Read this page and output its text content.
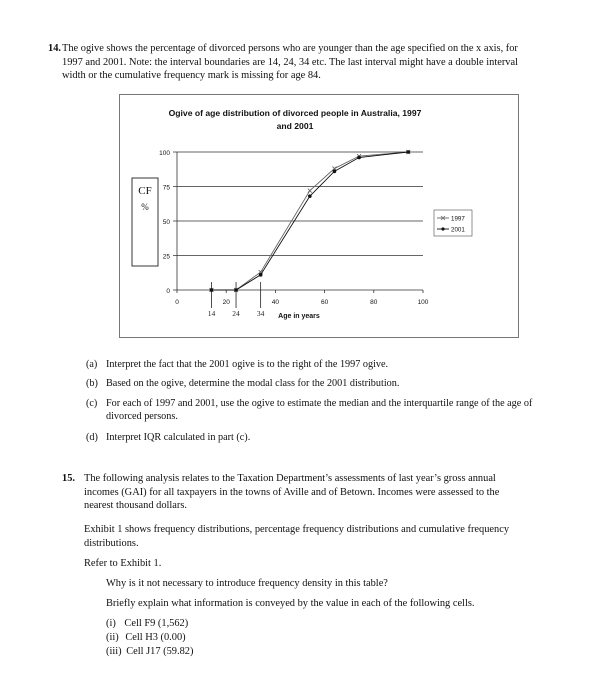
14. The ogive shows the percentage of divorced persons who are younger than the age specified on the x axis, for 1997 and 2001. Note: the interval boundaries are 14, 24, 34 etc. The last interval might have a double interval width or the cumulative frequency mark is missing for age 84.
Ogive of age distribution of divorced people in Australia, 1997
and 2001
0
25
50
75
100
0	20	40	60	80	100
14 24 34 Age in years
CF
%
1997
2001
(a) Interpret the fact that the 2001 ogive is to the right of the 1997 ogive.
(b) Based on the ogive, determine the modal class for the 2001 distribution.
(c) For each of 1997 and 2001, use the ogive to estimate the median and the interquartile range of the age of divorced persons.
(d) Interpret IQR calculated in part (c).
15. The following analysis relates to the Taxation Department’s assessments of last year’s gross annual incomes (GAI) for all taxpayers in the towns of Aville and of Betown. Incomes were assessed to the nearest thousand dollars.
Exhibit 1 shows frequency distributions, percentage frequency distributions and cumulative frequency distributions.
Refer to Exhibit 1.
Why is it not necessary to introduce frequency density in this table?
Briefly explain what information is conveyed by the value in each of the following cells.
(i) Cell F9 (1,562)
(ii) Cell H3 (0.00)
(iii) Cell J17 (59.82)
